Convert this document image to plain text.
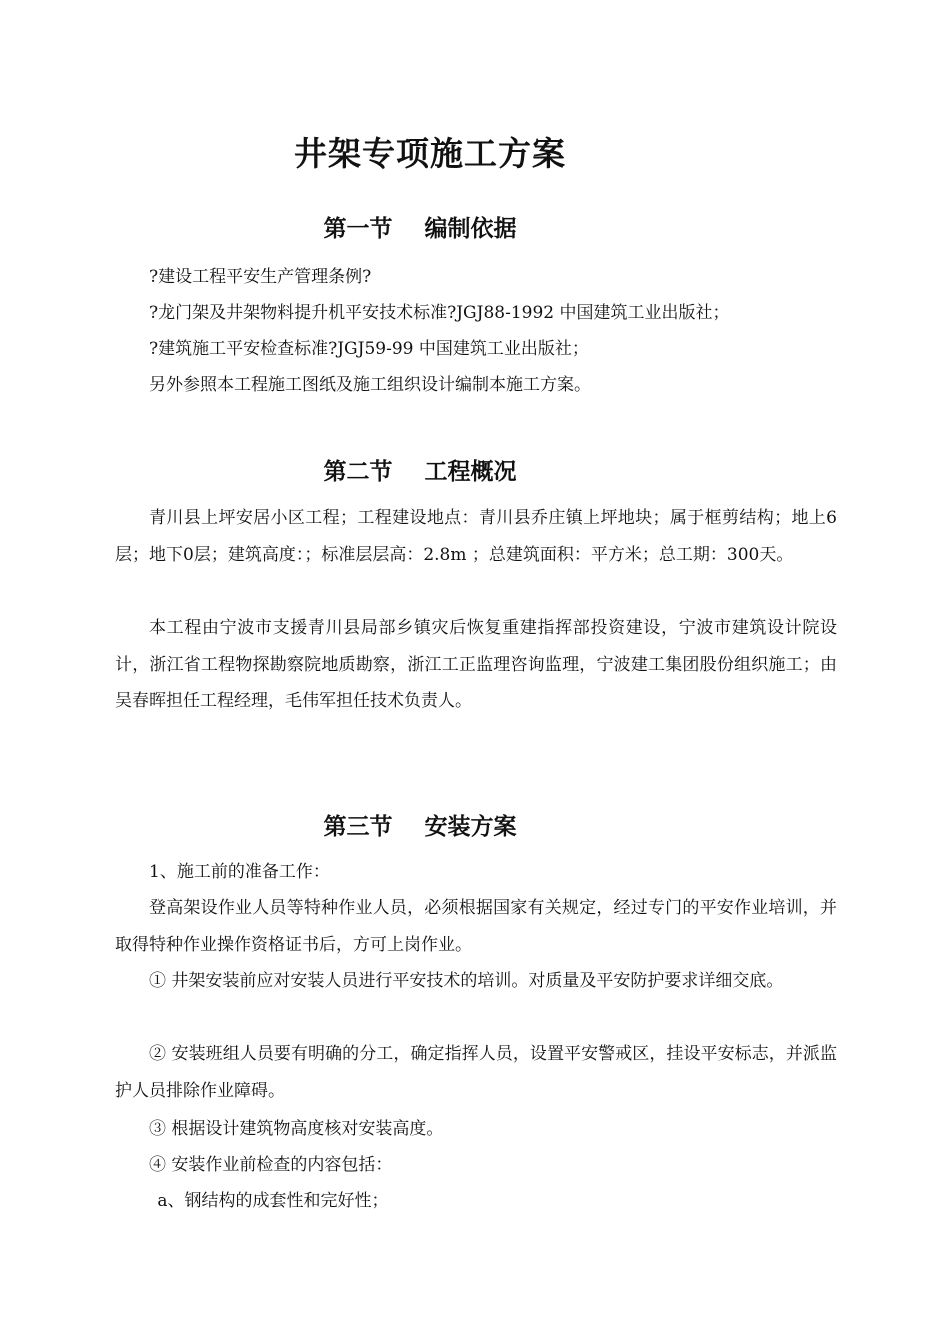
井架专项施工方案
第一节    编制依据
?建设工程平安生产管理条例?
?龙门架及井架物料提升机平安技术标准?JGJ88-1992 中国建筑工业出版社；
?建筑施工平安检查标准?JGJ59-99 中国建筑工业出版社；
另外参照本工程施工图纸及施工组织设计编制本施工方案。
第二节    工程概况
青川县上坪安居小区工程；工程建设地点：青川县乔庄镇上坪地块；属于框剪结构；地上6层；地下0层；建筑高度：；标准层层高：2.8m ；总建筑面积：平方米；总工期：300天。
本工程由宁波市支援青川县局部乡镇灾后恢复重建指挥部投资建设，宁波市建筑设计院设计，浙江省工程物探勘察院地质勘察，浙江工正监理咨询监理，宁波建工集团股份组织施工；由吴春晖担任工程经理，毛伟军担任技术负责人。
第三节    安装方案
1、施工前的准备工作：
登高架设作业人员等特种作业人员，必须根据国家有关规定，经过专门的平安作业培训，并取得特种作业操作资格证书后，方可上岗作业。
① 井架安装前应对安装人员进行平安技术的培训。对质量及平安防护要求详细交底。
② 安装班组人员要有明确的分工，确定指挥人员，设置平安警戒区，挂设平安标志，并派监护人员排除作业障碍。
③ 根据设计建筑物高度核对安装高度。
④ 安装作业前检查的内容包括：
a、钢结构的成套性和完好性；
